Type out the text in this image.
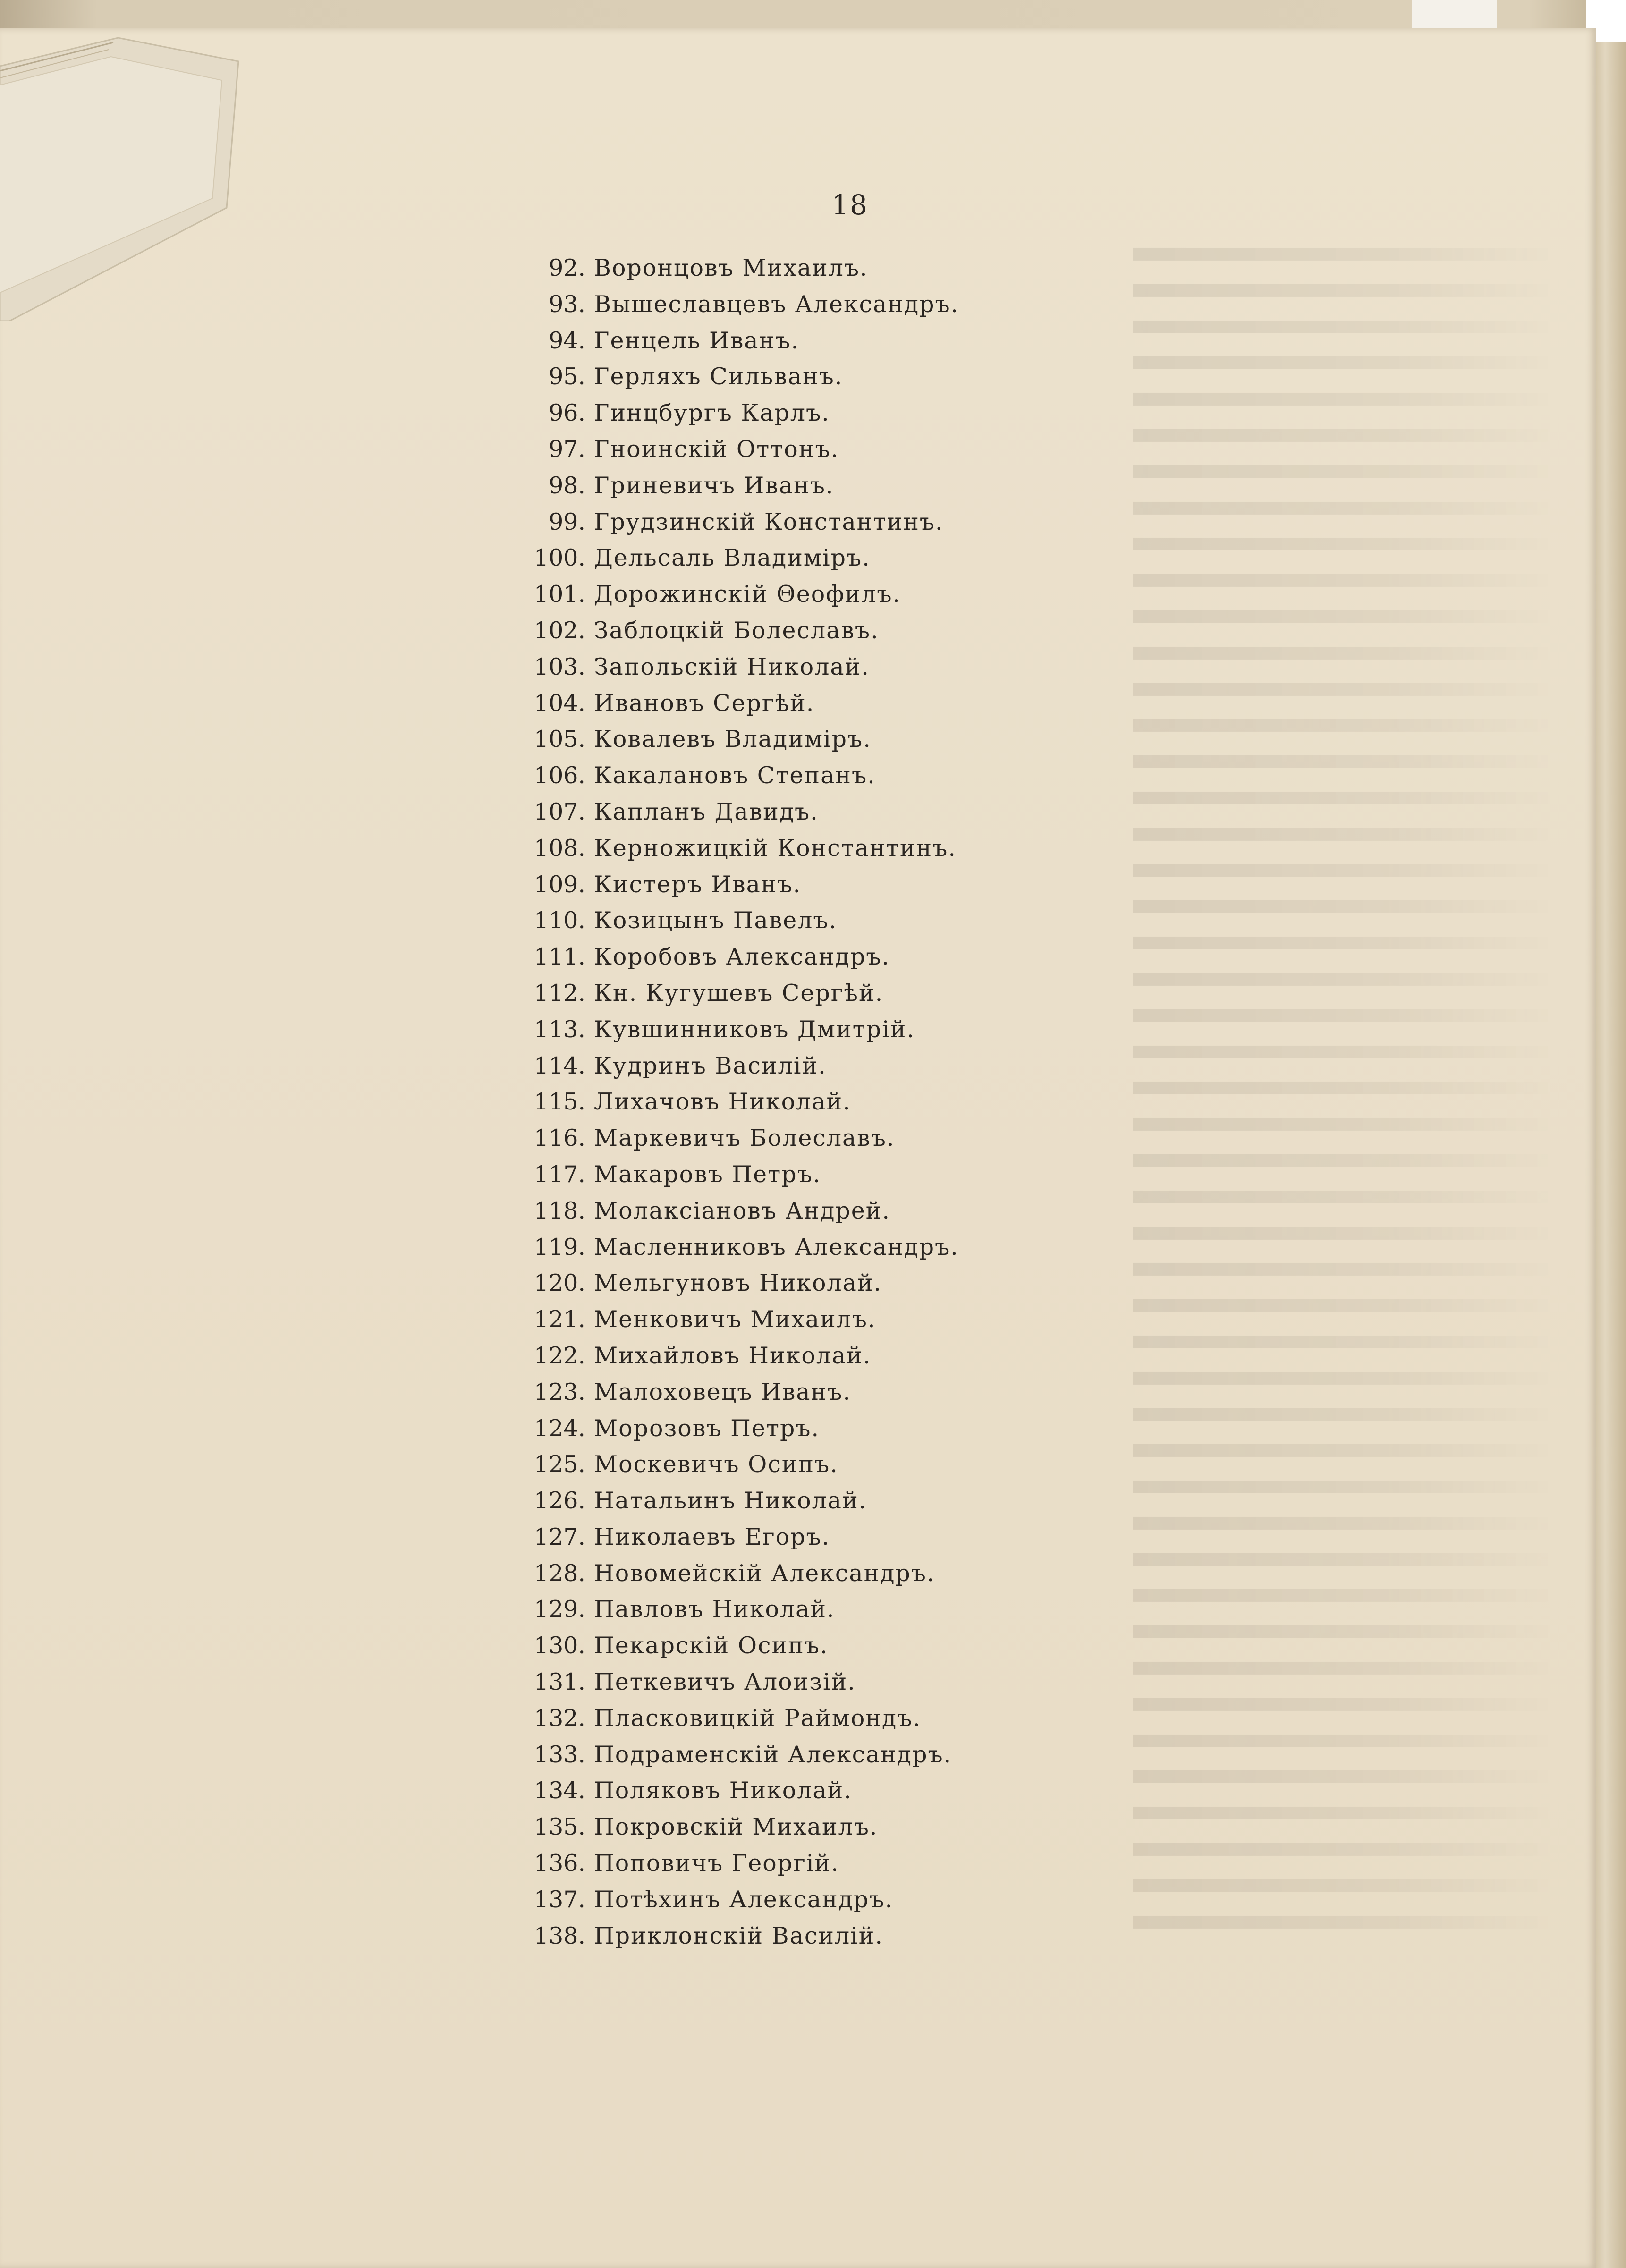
18
92. Воронцовъ Михаилъ.
93. Вышеславцевъ Александръ.
94. Генцель Иванъ.
95. Герляхъ Сильванъ.
96. Гинцбургъ Карлъ.
97. Гноинскій Оттонъ.
98. Гриневичъ Иванъ.
99. Грудзинскій Константинъ.
100. Дельсаль Владиміръ.
101. Дорожинскій Θеофилъ.
102. Заблоцкій Болеславъ.
103. Запольскій Николай.
104. Ивановъ Сергѣй.
105. Ковалевъ Владиміръ.
106. Какалановъ Степанъ.
107. Капланъ Давидъ.
108. Керножицкій Константинъ.
109. Кистеръ Иванъ.
110. Козицынъ Павелъ.
111. Коробовъ Александръ.
112. Кн. Кугушевъ Сергѣй.
113. Кувшинниковъ Дмитрій.
114. Кудринъ Василій.
115. Лихачовъ Николай.
116. Маркевичъ Болеславъ.
117. Макаровъ Петръ.
118. Молаксіановъ Андрей.
119. Масленниковъ Александръ.
120. Мельгуновъ Николай.
121. Менковичъ Михаилъ.
122. Михайловъ Николай.
123. Малоховецъ Иванъ.
124. Морозовъ Петръ.
125. Москевичъ Осипъ.
126. Натальинъ Николай.
127. Николаевъ Егоръ.
128. Новомейскій Александръ.
129. Павловъ Николай.
130. Пекарскій Осипъ.
131. Петкевичъ Алоизій.
132. Пласковицкій Раймондъ.
133. Подраменскій Александръ.
134. Поляковъ Николай.
135. Покровскій Михаилъ.
136. Поповичъ Георгій.
137. Потѣхинъ Александръ.
138. Приклонскій Василій.
